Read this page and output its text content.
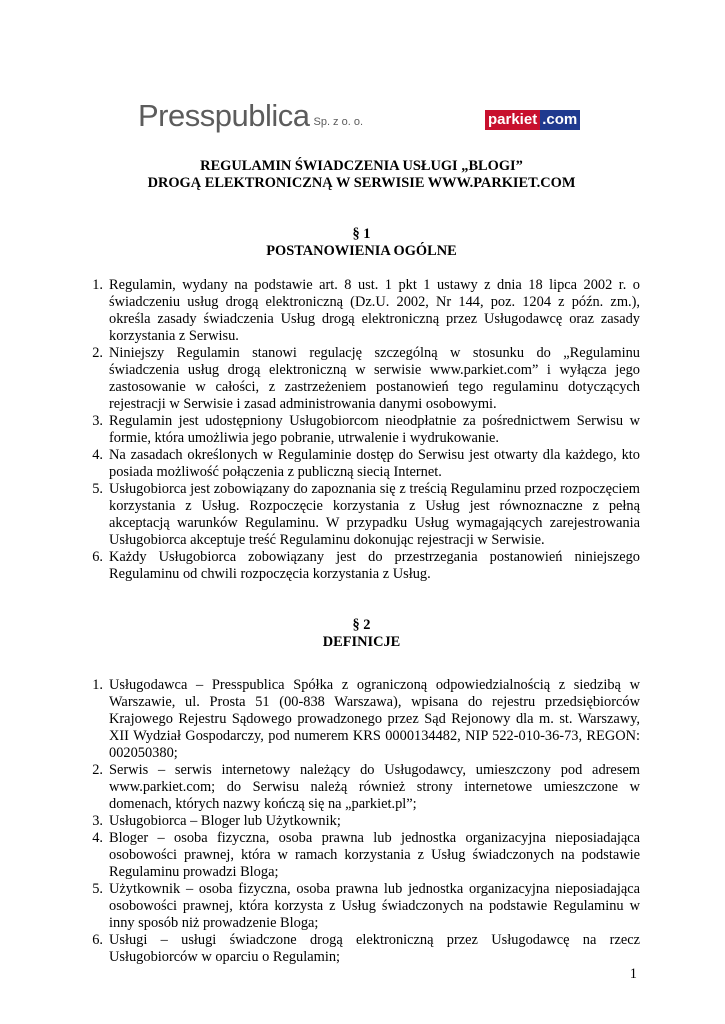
Presspublica Sp. z o. o.	parkiet .com
REGULAMIN ŚWIADCZENIA USŁUGI „BLOGI”
DROGĄ ELEKTRONICZNĄ W SERWISIE WWW.PARKIET.COM
§ 1
POSTANOWIENIA OGÓLNE
1. Regulamin, wydany na podstawie art. 8 ust. 1 pkt 1 ustawy z dnia 18 lipca 2002 r. o świadczeniu usług drogą elektroniczną (Dz.U. 2002, Nr 144, poz. 1204 z późn. zm.), określa zasady świadczenia Usług drogą elektroniczną przez Usługodawcę oraz zasady korzystania z Serwisu.
2. Niniejszy Regulamin stanowi regulację szczególną w stosunku do „Regulaminu świadczenia usług drogą elektroniczną w serwisie www.parkiet.com” i wyłącza jego zastosowanie w całości, z zastrzeżeniem postanowień tego regulaminu dotyczących rejestracji w Serwisie i zasad administrowania danymi osobowymi.
3. Regulamin jest udostępniony Usługobiorcom nieodpłatnie za pośrednictwem Serwisu w formie, która umożliwia jego pobranie, utrwalenie i wydrukowanie.
4. Na zasadach określonych w Regulaminie dostęp do Serwisu jest otwarty dla każdego, kto posiada możliwość połączenia z publiczną siecią Internet.
5. Usługobiorca jest zobowiązany do zapoznania się z treścią Regulaminu przed rozpoczęciem korzystania z Usług. Rozpoczęcie korzystania z Usług jest równoznaczne z pełną akceptacją warunków Regulaminu. W przypadku Usług wymagających zarejestrowania Usługobiorca akceptuje treść Regulaminu dokonując rejestracji w Serwisie.
6. Każdy Usługobiorca zobowiązany jest do przestrzegania postanowień niniejszego Regulaminu od chwili rozpoczęcia korzystania z Usług.
§ 2
DEFINICJE
1. Usługodawca – Presspublica Spółka z ograniczoną odpowiedzialnością z siedzibą w Warszawie, ul. Prosta 51 (00-838 Warszawa), wpisana do rejestru przedsiębiorców Krajowego Rejestru Sądowego prowadzonego przez Sąd Rejonowy dla m. st. Warszawy, XII Wydział Gospodarczy, pod numerem KRS 0000134482, NIP 522-010-36-73, REGON: 002050380;
2. Serwis – serwis internetowy należący do Usługodawcy, umieszczony pod adresem www.parkiet.com; do Serwisu należą również strony internetowe umieszczone w domenach, których nazwy kończą się na „parkiet.pl”;
3. Usługobiorca – Bloger lub Użytkownik;
4. Bloger – osoba fizyczna, osoba prawna lub jednostka organizacyjna nieposiadająca osobowości prawnej, która w ramach korzystania z Usług świadczonych na podstawie Regulaminu prowadzi Bloga;
5. Użytkownik – osoba fizyczna, osoba prawna lub jednostka organizacyjna nieposiadająca osobowości prawnej, która korzysta z Usług świadczonych na podstawie Regulaminu w inny sposób niż prowadzenie Bloga;
6. Usługi – usługi świadczone drogą elektroniczną przez Usługodawcę na rzecz Usługobiorców w oparciu o Regulamin;
1
